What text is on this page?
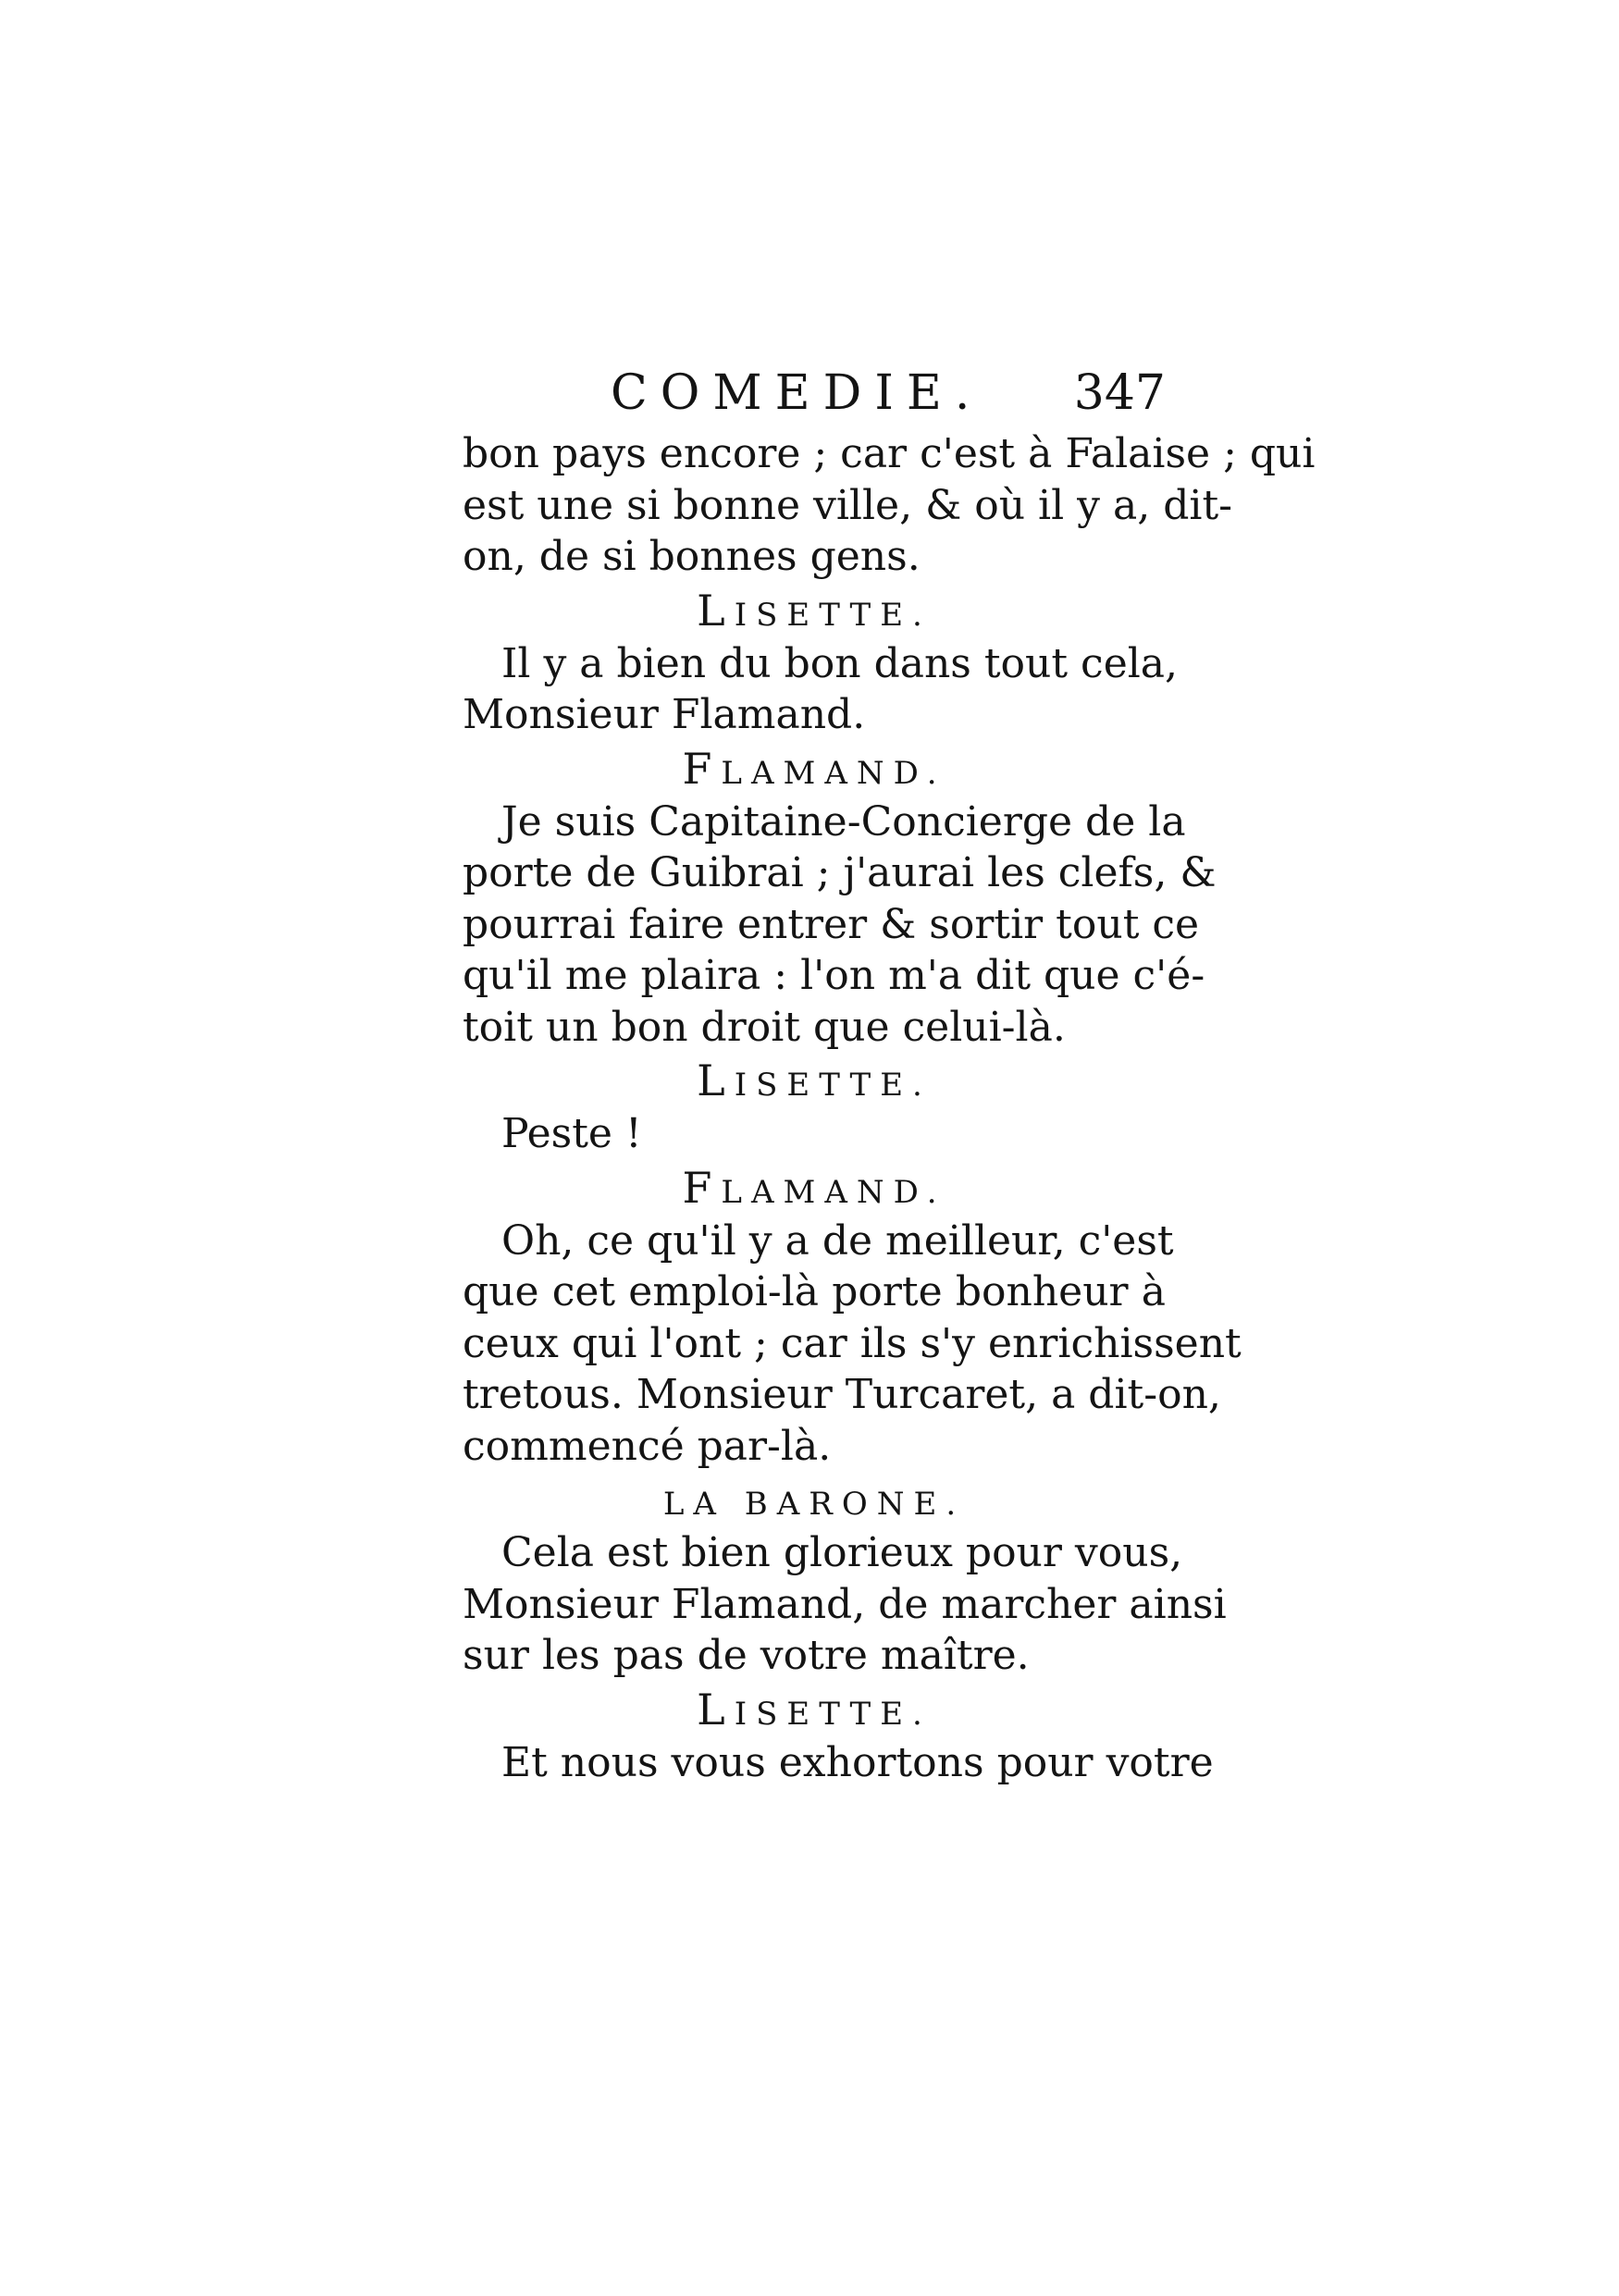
COMEDIE. 347
bon pays encore ; car c'est à Falaise ; qui
est une si bonne ville, & où il y a, dit-
on, de si bonnes gens.
LISETTE.
Il y a bien du bon dans tout cela,
Monsieur Flamand.
FLAMAND.
Je suis Capitaine-Concierge de la
porte de Guibrai ; j'aurai les clefs, &
pourrai faire entrer & sortir tout ce
qu'il me plaira : l'on m'a dit que c'é-
toit un bon droit que celui-là.
LISETTE.
Peste !
FLAMAND.
Oh, ce qu'il y a de meilleur, c'est
que cet emploi-là porte bonheur à
ceux qui l'ont ; car ils s'y enrichissent
tretous. Monsieur Turcaret, a dit-on,
commencé par-là.
LA BARONE.
Cela est bien glorieux pour vous,
Monsieur Flamand, de marcher ainsi
sur les pas de votre maître.
LISETTE.
Et nous vous exhortons pour votre
